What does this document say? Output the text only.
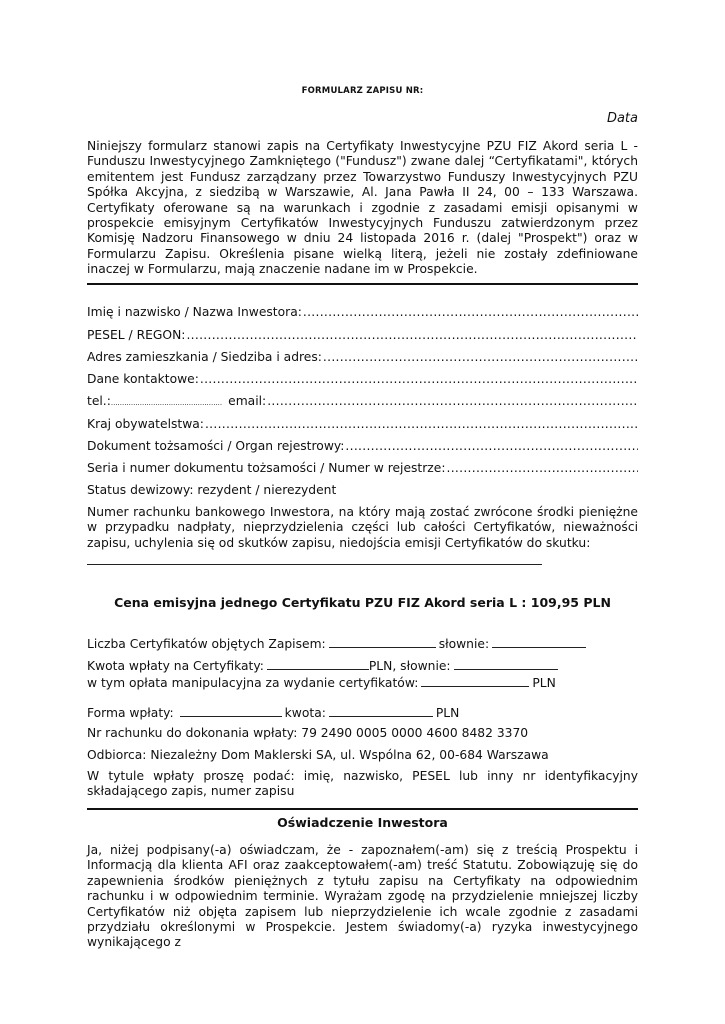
FORMULARZ ZAPISU NR:
Data
Niniejszy formularz stanowi zapis na Certyfikaty Inwestycyjne PZU FIZ Akord seria L - Funduszu Inwestycyjnego Zamkniętego ("Fundusz") zwane dalej “Certyfikatami", których emitentem jest Fundusz zarządzany przez Towarzystwo Funduszy Inwestycyjnych PZU Spółka Akcyjna, z siedzibą w Warszawie, Al. Jana Pawła II 24, 00 – 133 Warszawa. Certyfikaty oferowane są na warunkach i zgodnie z zasadami emisji opisanymi w prospekcie emisyjnym Certyfikatów Inwestycyjnych Funduszu zatwierdzonym przez Komisję Nadzoru Finansowego w dniu 24 listopada 2016 r. (dalej "Prospekt") oraz w Formularzu Zapisu. Określenia pisane wielką literą, jeżeli nie zostały zdefiniowane inaczej w Formularzu, mają znaczenie nadane im w Prospekcie.
Imię i nazwisko / Nazwa Inwestora:
.....
PESEL / REGON:
.....
Adres zamieszkania / Siedziba i adres:
.....
Dane kontaktowe:
.....
tel.: .................................................. email:
.....
Kraj obywatelstwa:
.....
Dokument tożsamości / Organ rejestrowy:
.....
Seria i numer dokumentu tożsamości / Numer w rejestrze:
.....
Status dewizowy: rezydent / nierezydent
Numer rachunku bankowego Inwestora, na który mają zostać zwrócone środki pieniężne w przypadku nadpłaty, nieprzydzielenia części lub całości Certyfikatów, nieważności zapisu, uchylenia się od skutków zapisu, niedojścia emisji Certyfikatów do skutku:
Cena emisyjna jednego Certyfikatu PZU FIZ Akord seria L : 109,95 PLN
Liczba Certyfikatów objętych Zapisem:	słownie:
Kwota wpłaty na Certyfikaty:	PLN, słownie:
w tym opłata manipulacyjna za wydanie certyfikatów:	PLN
Forma wpłaty:	kwota:	PLN
Nr rachunku do dokonania wpłaty: 79 2490 0005 0000 4600 8482 3370
Odbiorca: Niezależny Dom Maklerski SA, ul. Wspólna 62, 00-684 Warszawa
W tytule wpłaty proszę podać: imię, nazwisko, PESEL lub inny nr identyfikacyjny składającego zapis, numer zapisu
Oświadczenie Inwestora
Ja, niżej podpisany(-a) oświadczam, że - zapoznałem(-am) się z treścią Prospektu i Informacją dla klienta AFI oraz zaakceptowałem(-am) treść Statutu. Zobowiązuję się do zapewnienia środków pieniężnych z tytułu zapisu na Certyfikaty na odpowiednim rachunku i w odpowiednim terminie. Wyrażam zgodę na przydzielenie mniejszej liczby Certyfikatów niż objęta zapisem lub nieprzydzielenie ich wcale zgodnie z zasadami przydziału określonymi w Prospekcie. Jestem świadomy(-a) ryzyka inwestycyjnego wynikającego z
